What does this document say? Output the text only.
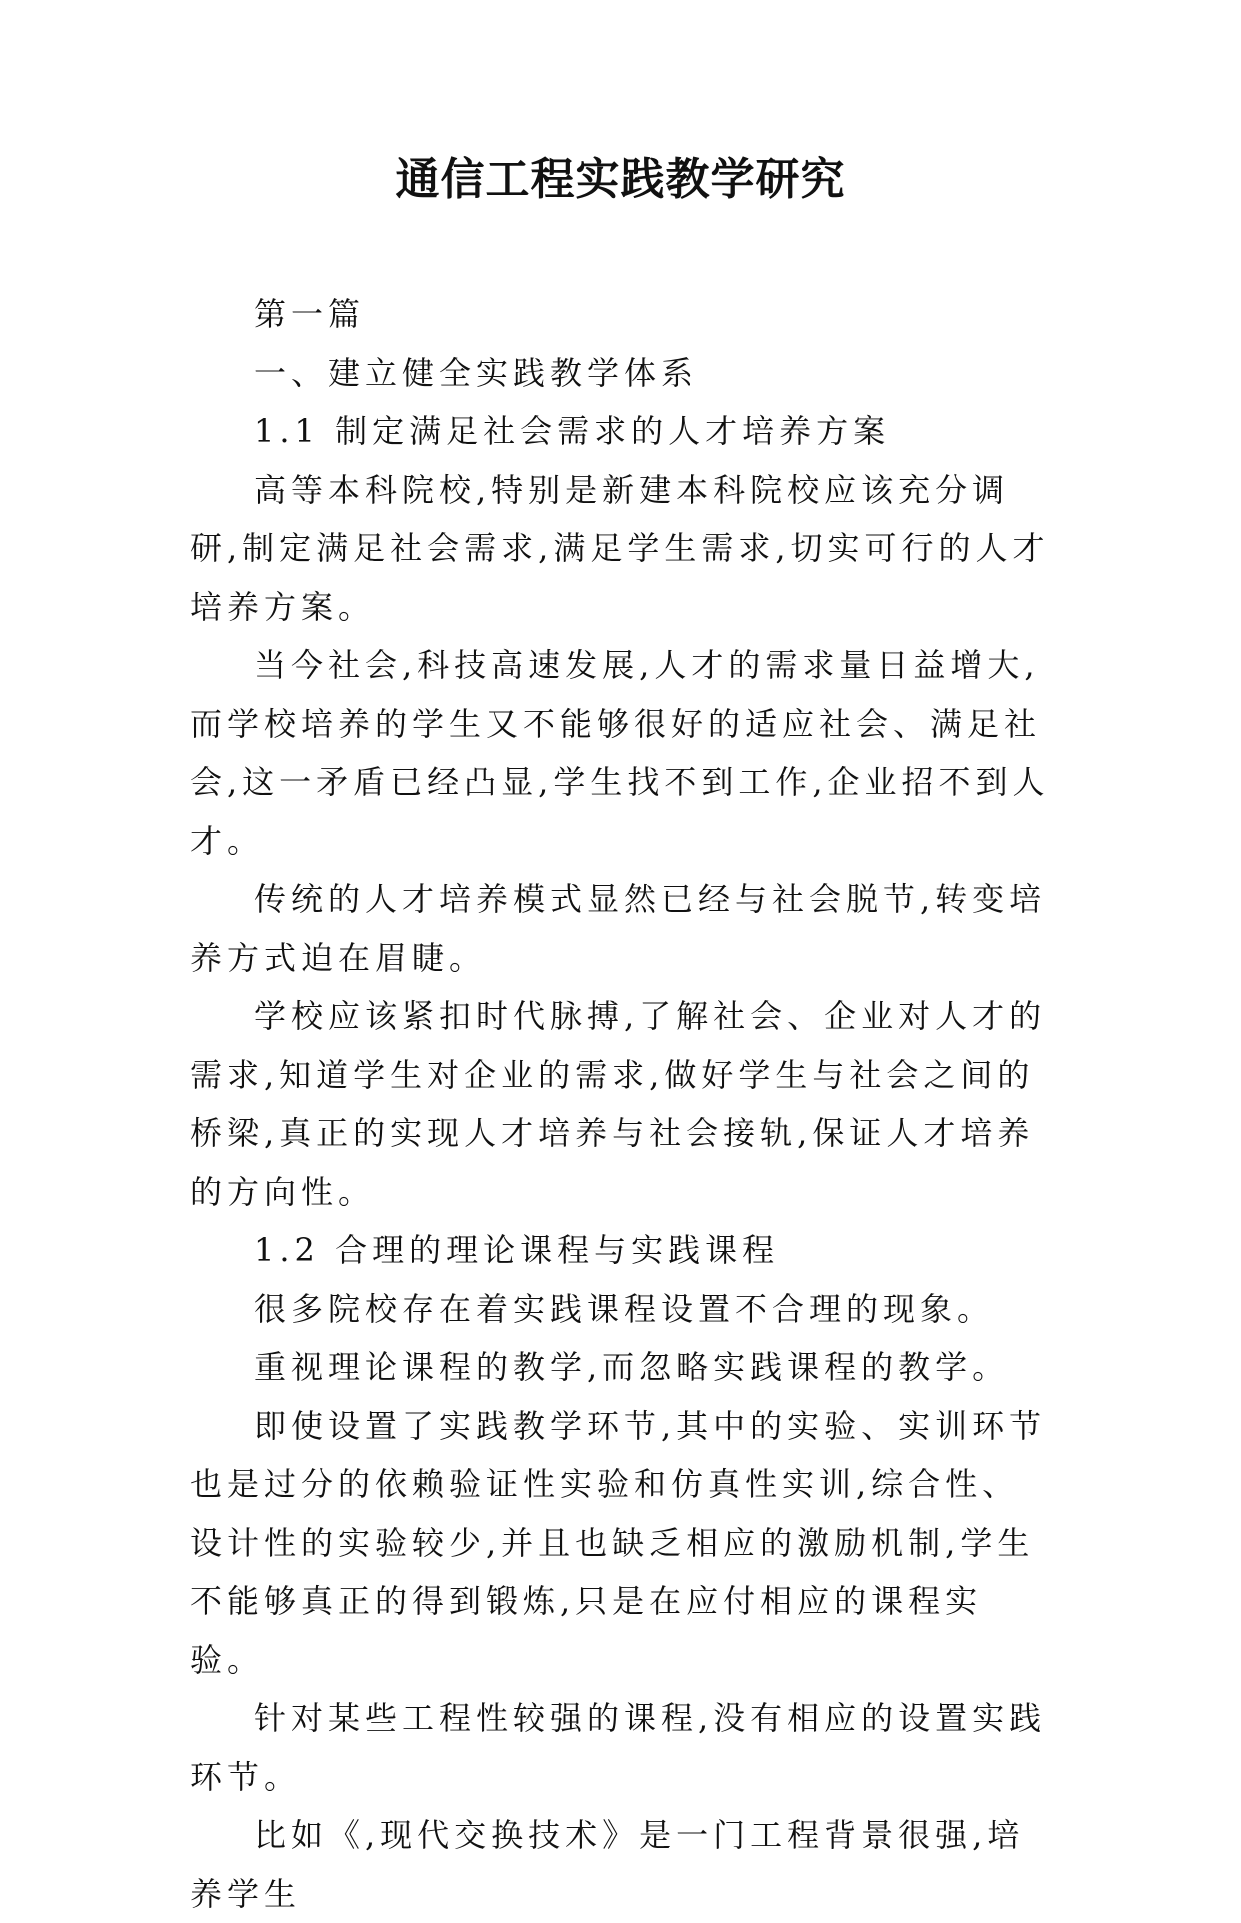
通信工程实践教学研究

第一篇

一、建立健全实践教学体系

1.1 制定满足社会需求的人才培养方案

高等本科院校,特别是新建本科院校应该充分调研,制定满足社会需求,满足学生需求,切实可行的人才培养方案。

当今社会,科技高速发展,人才的需求量日益增大,而学校培养的学生又不能够很好的适应社会、满足社会,这一矛盾已经凸显,学生找不到工作,企业招不到人才。

传统的人才培养模式显然已经与社会脱节,转变培养方式迫在眉睫。

学校应该紧扣时代脉搏,了解社会、企业对人才的需求,知道学生对企业的需求,做好学生与社会之间的桥梁,真正的实现人才培养与社会接轨,保证人才培养的方向性。

1.2 合理的理论课程与实践课程

很多院校存在着实践课程设置不合理的现象。

重视理论课程的教学,而忽略实践课程的教学。

即使设置了实践教学环节,其中的实验、实训环节也是过分的依赖验证性实验和仿真性实训,综合性、设计性的实验较少,并且也缺乏相应的激励机制,学生不能够真正的得到锻炼,只是在应付相应的课程实验。

针对某些工程性较强的课程,没有相应的设置实践环节。

比如《,现代交换技术》是一门工程背景很强,培养学生
